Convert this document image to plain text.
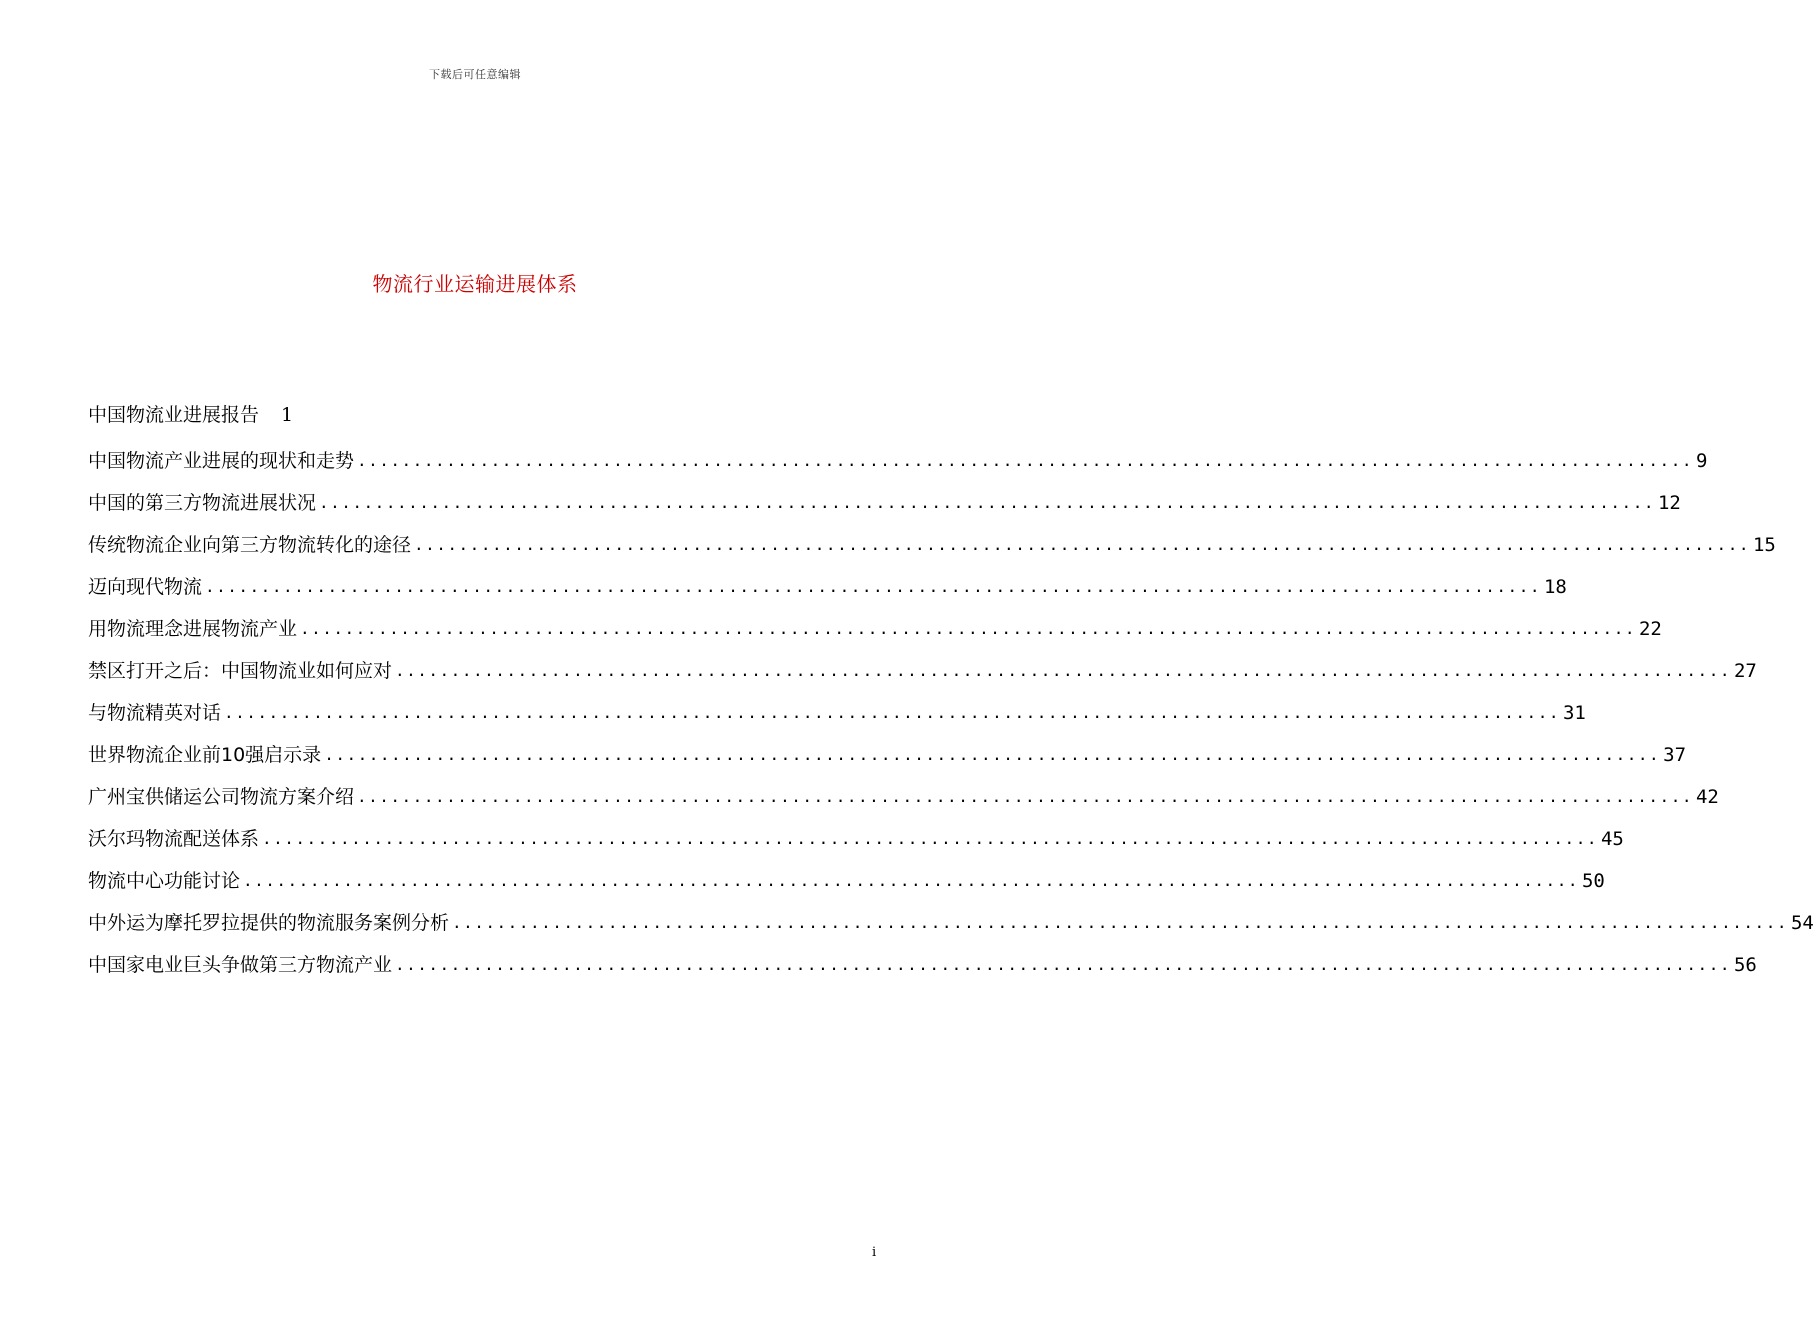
下载后可任意编辑
物流行业运输进展体系
中国物流业进展报告 1
中国物流产业进展的现状和走势 ........................................................................................................................ 9
中国的第三方物流进展状况 ........................................................................................................................ 12
传统物流企业向第三方物流转化的途径 ........................................................................................................................ 15
迈向现代物流 ........................................................................................................................ 18
用物流理念进展物流产业 ........................................................................................................................ 22
禁区打开之后：中国物流业如何应对 ........................................................................................................................ 27
与物流精英对话 ........................................................................................................................ 31
世界物流企业前10强启示录 ........................................................................................................................ 37
广州宝供储运公司物流方案介绍 ........................................................................................................................ 42
沃尔玛物流配送体系 ........................................................................................................................ 45
物流中心功能讨论 ........................................................................................................................ 50
中外运为摩托罗拉提供的物流服务案例分析 ........................................................................................................................ 54
中国家电业巨头争做第三方物流产业 ........................................................................................................................ 56
i
